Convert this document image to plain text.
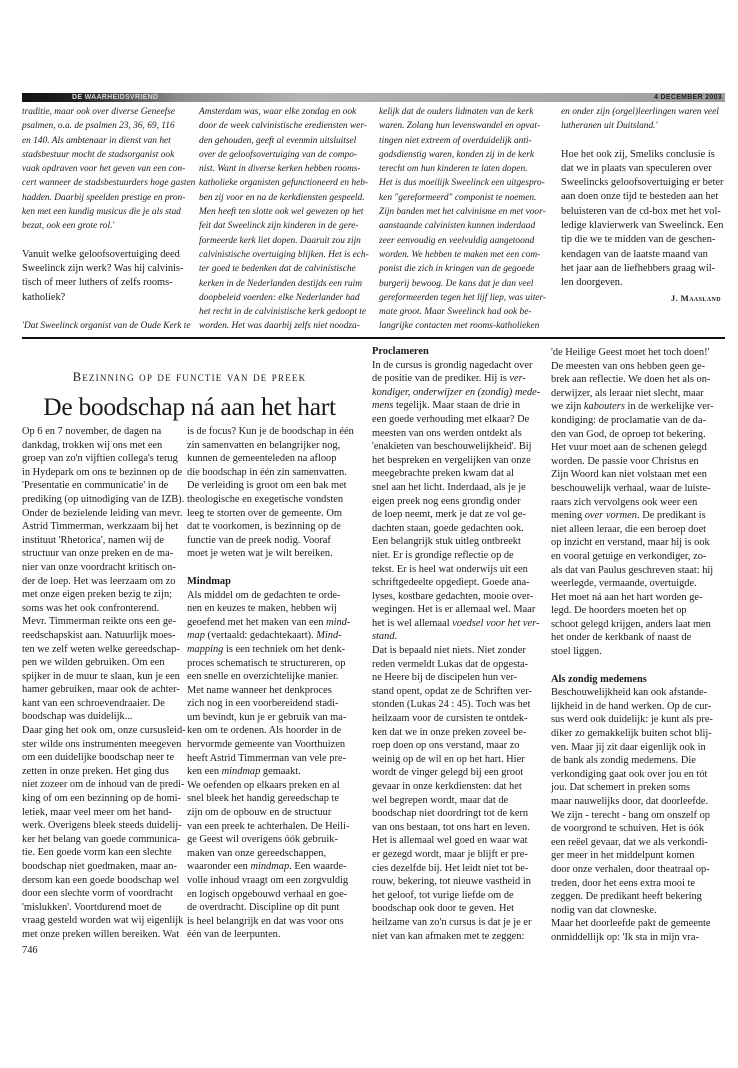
DE WAARHEIDSVRIEND	4 DECEMBER 2003
traditie, maar ook over diverse Geneefse
psalmen, o.a. de psalmen 23, 36, 69, 116
en 140. Als ambtenaar in dienst van het
stadsbestuur mocht de stadsorganist ook
vaak opdraven voor het geven van een con-
cert wanneer de stadsbestuurders hoge gasten
hadden. Daarbij speelden prestige en pron-
ken met een kundig musicus die je als stad
bezat, ook een grote rol.'
Vanuit welke geloofsovertuiging deed
Sweelinck zijn werk? Was hij calvinis-
tisch of meer luthers of zelfs rooms-
katholiek?
'Dat Sweelinck organist van de Oude Kerk te
Amsterdam was, waar elke zondag en ook
door de week calvinistische erediensten wer-
den gehouden, geeft al evenmin uitsluitsel
over de geloofsovertuiging van de compo-
nist. Want in diverse kerken hebben rooms-
katholieke organisten gefunctioneerd en heb-
ben zij voor en na de kerkdiensten gespeeld.
Men heeft ten slotte ook wel gewezen op het
feit dat Sweelinck zijn kinderen in de gere-
formeerde kerk liet dopen. Daaruit zou zijn
calvinistische overtuiging blijken. Het is ech-
ter goed te bedenken dat de calvinistische
kerken in de Nederlanden destijds een ruim
doopbeleid voerden: elke Nederlander had
het recht in de calvinistische kerk gedoopt te
worden. Het was daarbij zelfs niet noodza-
kelijk dat de ouders lidmaten van de kerk
waren. Zolang hun levenswandel en opvat-
tingen niet extreem of overduidelijk anti-
godsdienstig waren, konden zij in de kerk
terecht om hun kinderen te laten dopen.
Het is dus moeilijk Sweelinck een uitgespro-
ken "gereformeerd" componist te noemen.
Zijn banden met het calvinisme en met voor-
aanstaande calvinisten kunnen inderdaad
zeer eenvoudig en veelvuldig aangetoond
worden. We hebben te maken met een com-
ponist die zich in kringen van de gegoede
burgerij bewoog. De kans dat je dan veel
gereformeerden tegen het lijf liep, was uiter-
mate groot. Maar Sweelinck had ook be-
langrijke contacten met rooms-katholieken
en onder zijn (orgel)leerlingen waren veel
lutheranen uit Duitsland.'
Hoe het ook zij, Smeliks conclusie is
dat we in plaats van speculeren over
Sweelincks geloofsovertuiging er beter
aan doen onze tijd te besteden aan het
beluisteren van de cd-box met het vol-
ledige klavierwerk van Sweelinck. Een
tip die we te midden van de geschen-
kendagen van de laatste maand van
het jaar aan de liefhebbers graag wil-
len doorgeven.
J. Maasland
Bezinning op de functie van de preek
De boodschap ná aan het hart
Op 6 en 7 november, de dagen na
dankdag, trokken wij ons met een
groep van zo'n vijftien collega's terug
in Hydepark om ons te bezinnen op de
'Presentatie en communicatie' in de
prediking (op uitnodiging van de IZB).
Onder de bezielende leiding van mevr.
Astrid Timmerman, werkzaam bij het
instituut 'Rhetorica', namen wij de
structuur van onze preken en de ma-
nier van onze voordracht kritisch on-
der de loep. Het was leerzaam om zo
met onze eigen preken bezig te zijn;
soms was het ook confronterend.
Mevr. Timmerman reikte ons een ge-
reedschapskist aan. Natuurlijk moes-
ten we zelf weten welke gereedschap-
pen we wilden gebruiken. Om een
spijker in de muur te slaan, kun je een
hamer gebruiken, maar ook de achter-
kant van een schroevendraaier. De
boodschap was duidelijk...
Daar ging het ook om, onze cursusleid-
ster wilde ons instrumenten meegeven
om een duidelijke boodschap neer te
zetten in onze preken. Het ging dus
niet zozeer om de inhoud van de predi-
king of om een bezinning op de homi-
letiek, maar veel meer om het hand-
werk. Overigens bleek steeds duidelij-
ker het belang van goede communica-
tie. Een goede vorm kan een slechte
boodschap niet goedmaken, maar an-
dersom kan een goede boodschap wel
door een slechte vorm of voordracht
'mislukken'. Voortdurend moet de
vraag gesteld worden wat wij eigenlijk
met onze preken willen bereiken. Wat
is de focus? Kun je de boodschap in één
zin samenvatten en belangrijker nog,
kunnen de gemeenteleden na afloop
die boodschap in één zin samenvatten.
De verleiding is groot om een bak met
theologische en exegetische vondsten
leeg te storten over de gemeente. Om
dat te voorkomen, is bezinning op de
functie van de preek nodig. Vooraf
moet je weten wat je wilt bereiken.
Mindmap
Als middel om de gedachten te orde-
nen en keuzes te maken, hebben wij
geoefend met het maken van een mind-
map (vertaald: gedachtekaart). Mind-
mapping is een techniek om het denk-
proces schematisch te structureren, op
een snelle en overzichtelijke manier.
Met name wanneer het denkproces
zich nog in een voorbereidend stadi-
um bevindt, kun je er gebruik van ma-
ken om te ordenen. Als hoorder in de
hervormde gemeente van Voorthuizen
heeft Astrid Timmerman van vele pre-
ken een mindmap gemaakt.
We oefenden op elkaars preken en al
snel bleek het handig gereedschap te
zijn om de opbouw en de structuur
van een preek te achterhalen. De Heili-
ge Geest wil overigens óók gebruik-
maken van onze gereedschappen,
waaronder een mindmap. Een waarde-
volle inhoud vraagt om een zorgvuldig
en logisch opgebouwd verhaal en goe-
de overdracht. Discipline op dit punt
is heel belangrijk en dat was voor ons
één van de leerpunten.
Proclameren
In de cursus is grondig nagedacht over
de positie van de prediker. Hij is ver-
kondiger, onderwijzer en (zondig) mede-
mens tegelijk. Maar staan de drie in
een goede verhouding met elkaar? De
meesten van ons werden ontdekt als
'enakieten van beschouwelijkheid'. Bij
het bespreken en vergelijken van onze
meegebrachte preken kwam dat al
snel aan het licht. Inderdaad, als je je
eigen preek nog eens grondig onder
de loep neemt, merk je dat ze vol ge-
dachten staan, goede gedachten ook.
Een belangrijk stuk uitleg ontbreekt
niet. Er is grondige reflectie op de
tekst. Er is heel wat onderwijs uit een
schriftgedeelte opgediept. Goede ana-
lyses, kostbare gedachten, mooie over-
wegingen. Het is er allemaal wel. Maar
het is wel allemaal voedsel voor het ver-
stand.
Dat is bepaald niet niets. Niet zonder
reden vermeldt Lukas dat de opgesta-
ne Heere bij de discipelen hun ver-
stand opent, opdat ze de Schriften ver-
stonden (Lukas 24 : 45). Toch was het
heilzaam voor de cursisten te ontdek-
ken dat we in onze preken zoveel be-
roep doen op ons verstand, maar zo
weinig op de wil en op het hart. Hier
wordt de vinger gelegd bij een groot
gevaar in onze kerkdiensten: dat het
wel begrepen wordt, maar dat de
boodschap niet doordringt tot de kern
van ons bestaan, tot ons hart en leven.
Het is allemaal wel goed en waar wat
er gezegd wordt, maar je blijft er pre-
cies dezelfde bij. Het leidt niet tot be-
rouw, bekering, tot nieuwe vastheid in
het geloof, tot vurige liefde om de
boodschap ook door te geven. Het
heilzame van zo'n cursus is dat je je er
niet van kan afmaken met te zeggen:
'de Heilige Geest moet het toch doen!'
De meesten van ons hebben geen ge-
brek aan reflectie. We doen het als on-
derwijzer, als leraar niet slecht, maar
we zijn kabouters in de werkelijke ver-
kondiging: de proclamatie van de da-
den van God, de oproep tot bekering.
Het vuur moet aan de schenen gelegd
worden. De passie voor Christus en
Zijn Woord kan niet volstaan met een
beschouwelijk verhaal, waar de luiste-
raars zich vervolgens ook weer een
mening over vormen. De predikant is
niet alleen leraar, die een beroep doet
op inzicht en verstand, maar hij is ook
en vooral getuige en verkondiger, zo-
als dat van Paulus geschreven staat: hij
weerlegde, vermaande, overtuigde.
Het moet ná aan het hart worden ge-
legd. De hoorders moeten het op
schoot gelegd krijgen, anders laat men
het onder de kerkbank of naast de
stoel liggen.
Als zondig medemens
Beschouwelijkheid kan ook afstande-
lijkheid in de hand werken. Op de cur-
sus werd ook duidelijk: je kunt als pre-
diker zo gemakkelijk buiten schot blij-
ven. Maar jij zit daar eigenlijk ook in
de bank als zondig medemens. Die
verkondiging gaat ook over jou en tót
jou. Dat schemert in preken soms
maar nauwelijks door, dat doorleefde.
We zijn - terecht - bang om onszelf op
de voorgrond te schuiven. Het is óók
een reëel gevaar, dat we als verkondi-
ger meer in het middelpunt komen
door onze verhalen, door theatraal op-
treden, door het eens extra mooi te
zeggen. De predikant heeft bekering
nodig van dat clowneske.
Maar het doorleefde pakt de gemeente
onmiddellijk op: 'Ik sta in mijn vra-
746
